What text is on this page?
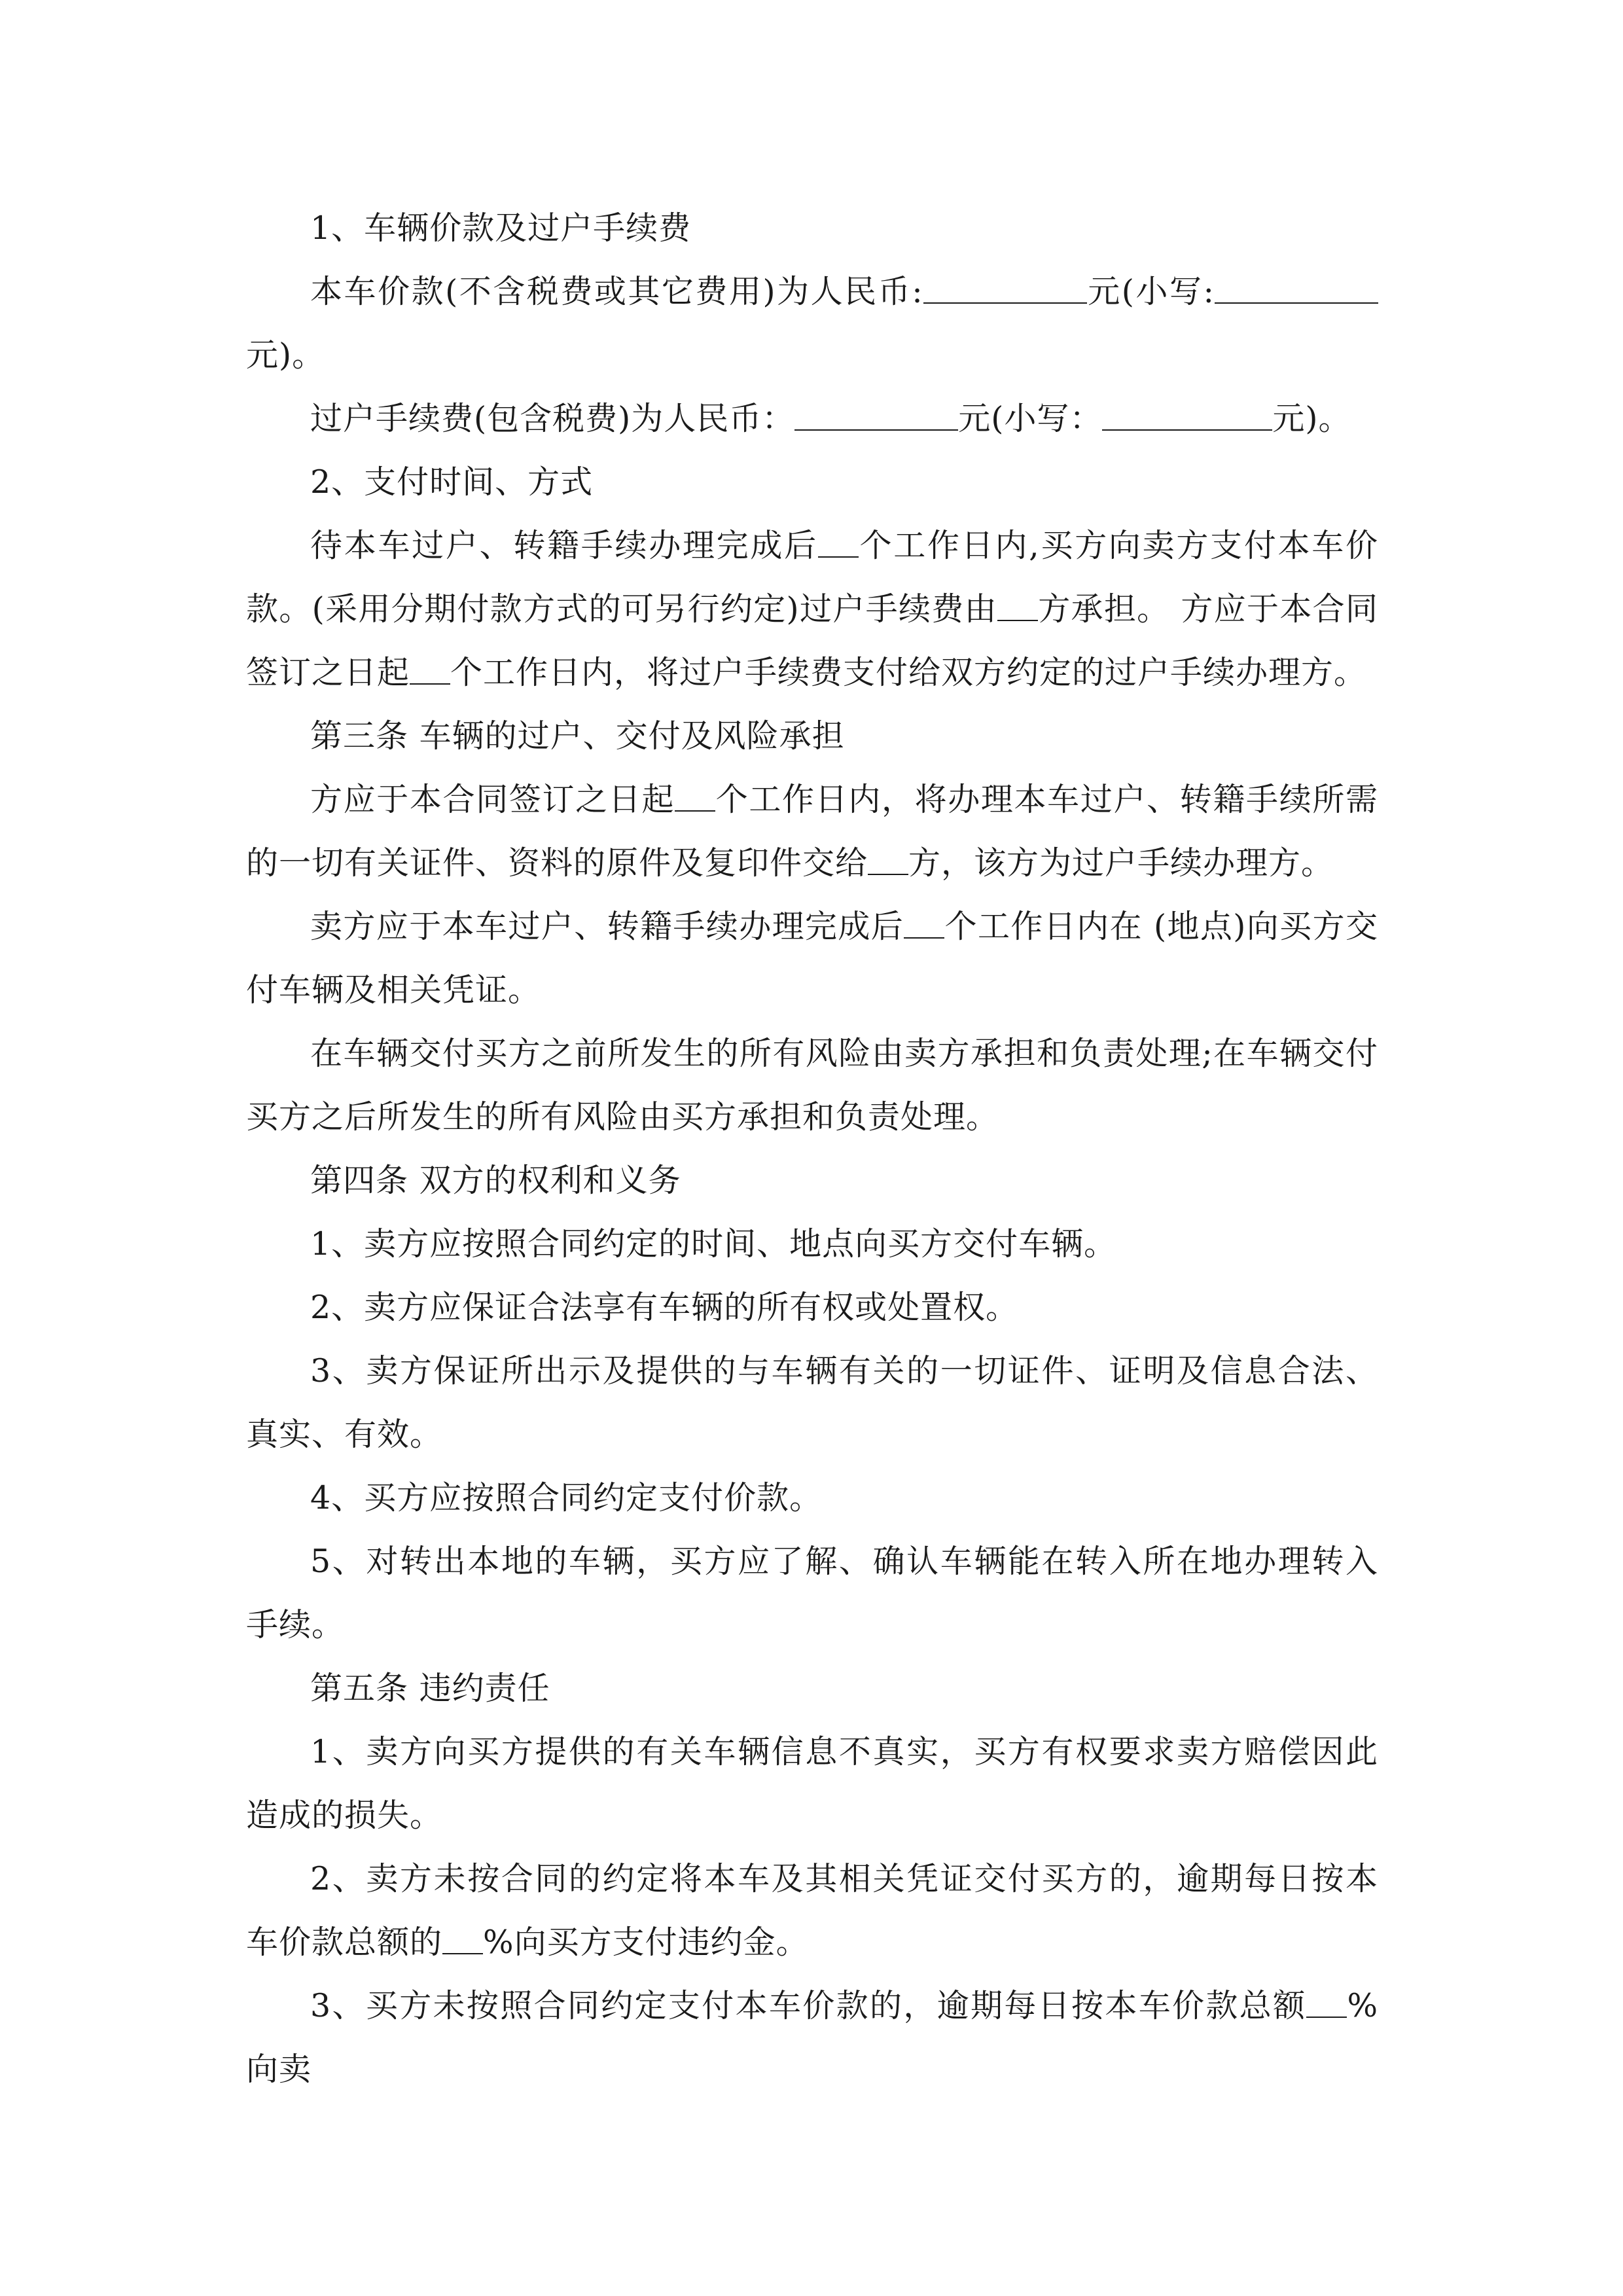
1、车辆价款及过户手续费

本车价款(不含税费或其它费用)为人民币:	元(小写:元)。

过户手续费(包含税费)为人民币：	元(小写：	元)。

2、支付时间、方式

待本车过户、转籍手续办理完成后 个工作日内,买方向卖方支付本车价款。(采用分期付款方式的可另行约定)过户手续费由 方承担。 方应于本合同签订之日起 个工作日内，将过户手续费支付给双方约定的过户手续办理方。

第三条 车辆的过户、交付及风险承担

方应于本合同签订之日起 个工作日内，将办理本车过户、转籍手续所需的一切有关证件、资料的原件及复印件交给 方，该方为过户手续办理方。

卖方应于本车过户、转籍手续办理完成后 个工作日内在 (地点)向买方交付车辆及相关凭证。

在车辆交付买方之前所发生的所有风险由卖方承担和负责处理;在车辆交付买方之后所发生的所有风险由买方承担和负责处理。

第四条 双方的权利和义务

1、卖方应按照合同约定的时间、地点向买方交付车辆。

2、卖方应保证合法享有车辆的所有权或处置权。

3、卖方保证所出示及提供的与车辆有关的一切证件、证明及信息合法、真实、有效。

4、买方应按照合同约定支付价款。

5、对转出本地的车辆，买方应了解、确认车辆能在转入所在地办理转入手续。

第五条 违约责任

1、卖方向买方提供的有关车辆信息不真实，买方有权要求卖方赔偿因此造成的损失。

2、卖方未按合同的约定将本车及其相关凭证交付买方的，逾期每日按本车价款总额的 %向买方支付违约金。

3、买方未按照合同约定支付本车价款的，逾期每日按本车价款总额 %向卖
